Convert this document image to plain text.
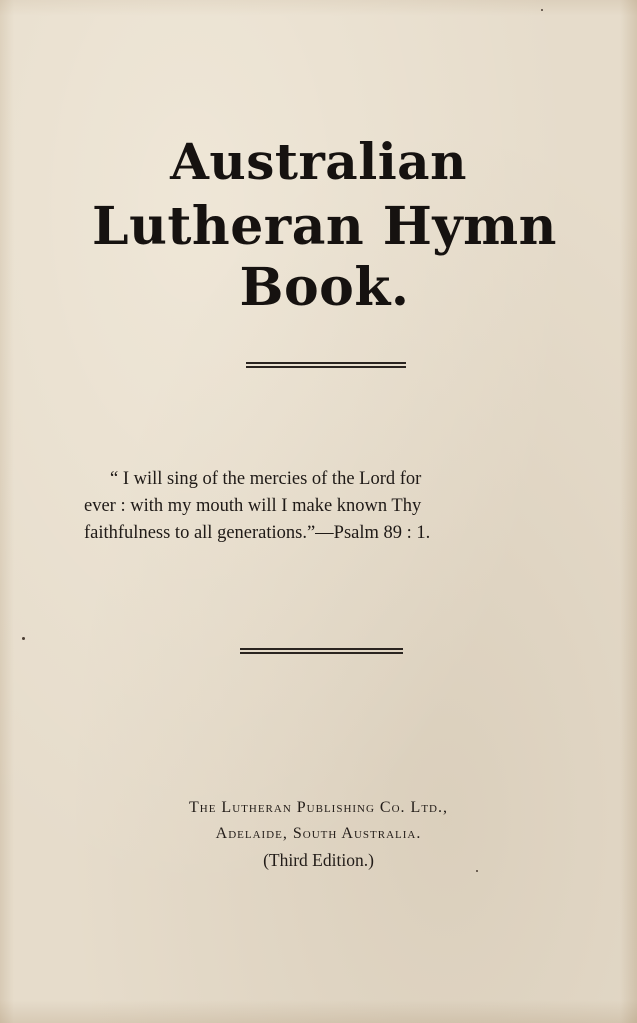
Australian
Lutheran Hymn Book.
“ I will sing of the mercies of the Lord for
ever : with my mouth will I make known Thy
faithfulness to all generations.”—Psalm 89 : 1.
The Lutheran Publishing Co. Ltd.,
Adelaide, South Australia.
(Third Edition.)
